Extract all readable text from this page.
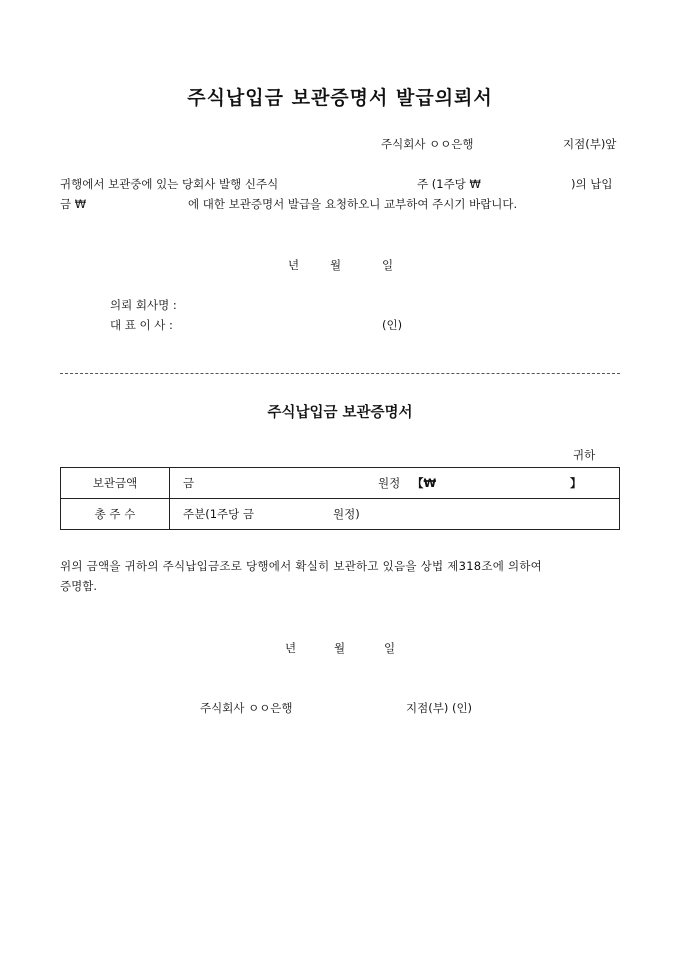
주식납입금 보관증명서 발급의뢰서
주식회사 ㅇㅇ은행	지점(부)앞
귀행에서 보관중에 있는 당회사 발행 신주식	주 (1주당 ₩	)의 납입
금 ₩	에 대한 보관증명서 발급을 요청하오니 교부하여 주시기 바랍니다.
년	월	일
의뢰 회사명 :
대 표 이 사 :	(인)
주식납입금 보관증명서
귀하
보관금액	금 원정 【₩ 】

총 주 수	주분(1주당 금 원정)
위의 금액을 귀하의 주식납입금조로 당행에서 확실히 보관하고 있음을 상법 제318조에 의하여
증명함.
년	월	일
주식회사 ㅇㅇ은행	지점(부) (인)
